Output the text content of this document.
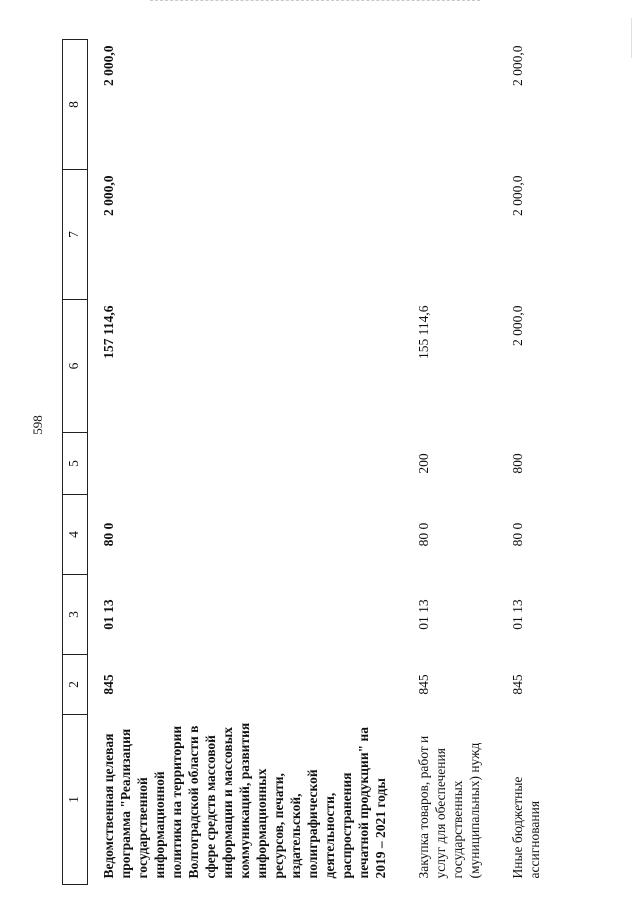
598
1	2	3	4	5	6	7	8
Ведомственная целевая программа "Реализация государственной информационной политики на территории Волгоградской области в сфере средств массовой информации и массовых коммуникаций, развития информационных ресурсов, печати, издательской, полиграфической деятельности, распространения печатной продукции" на 2019 – 2021 годы	845	01 13	80 0		157 114,6	2 000,0	2 000,0
Закупка товаров, работ и услуг для обеспечения государственных (муниципальных) нужд	845	01 13	80 0	200	155 114,6		
Иные бюджетные ассигнования	845	01 13	80 0	800	2 000,0	2 000,0	2 000,0
